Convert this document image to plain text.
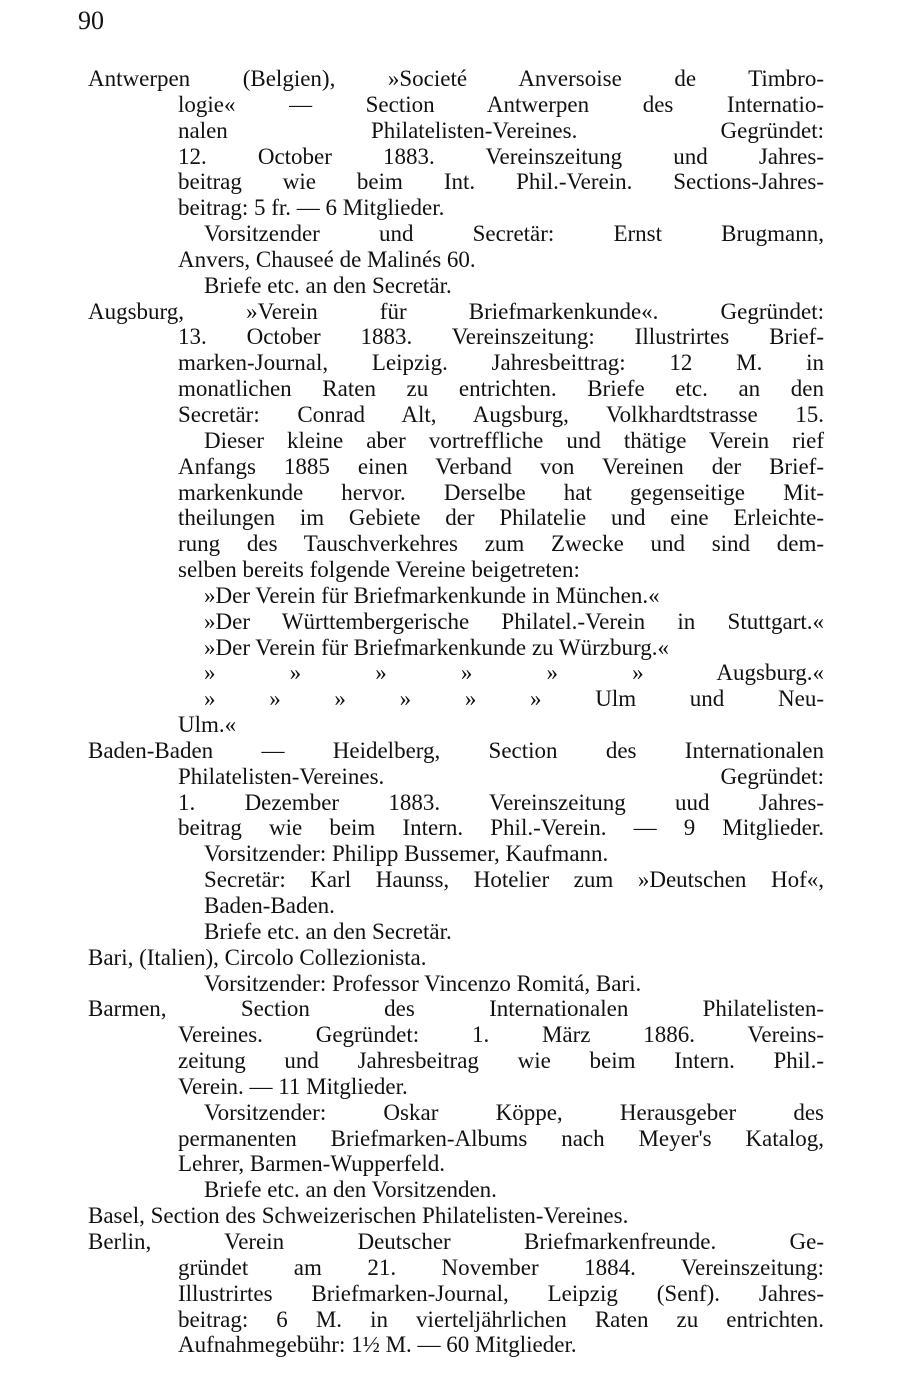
90
Antwerpen (Belgien), »Societé Anversoise de Timbro-
logie« — Section Antwerpen des Internatio-
nalen Philatelisten-Vereines. Gegründet:
12. October 1883. Vereinszeitung und Jahres-
beitrag wie beim Int. Phil.-Verein. Sections-Jahres-
beitrag: 5 fr. — 6 Mitglieder.
Vorsitzender und Secretär: Ernst Brugmann,
Anvers, Chauseé de Malinés 60.
Briefe etc. an den Secretär.
Augsburg, »Verein für Briefmarkenkunde«. Gegründet:
13. October 1883. Vereinszeitung: Illustrirtes Brief-
marken-Journal, Leipzig. Jahresbeittrag: 12 M. in
monatlichen Raten zu entrichten. Briefe etc. an den
Secretär: Conrad Alt, Augsburg, Volkhardtstrasse 15.
Dieser kleine aber vortreffliche und thätige Verein rief
Anfangs 1885 einen Verband von Vereinen der Brief-
markenkunde hervor. Derselbe hat gegenseitige Mit-
theilungen im Gebiete der Philatelie und eine Erleichte-
rung des Tauschverkehres zum Zwecke und sind dem-
selben bereits folgende Vereine beigetreten:
»Der Verein für Briefmarkenkunde in München.«
»Der Württembergerische Philatel.-Verein in Stuttgart.«
»Der Verein für Briefmarkenkunde zu Würzburg.«
» » » » » » Augsburg.«
» » » » » » Ulm und Neu-
Ulm.«
Baden-Baden — Heidelberg, Section des Internationalen
Philatelisten-Vereines. Gegründet:
1. Dezember 1883. Vereinszeitung uud Jahres-
beitrag wie beim Intern. Phil.-Verein. — 9 Mitglieder.
Vorsitzender: Philipp Bussemer, Kaufmann.
Secretär: Karl Haunss, Hotelier zum »Deutschen Hof«,
Baden-Baden.
Briefe etc. an den Secretär.
Bari, (Italien), Circolo Collezionista.
Vorsitzender: Professor Vincenzo Romitá, Bari.
Barmen, Section des Internationalen Philatelisten-
Vereines. Gegründet: 1. März 1886. Vereins-
zeitung und Jahresbeitrag wie beim Intern. Phil.-
Verein. — 11 Mitglieder.
Vorsitzender: Oskar Köppe, Herausgeber des
permanenten Briefmarken-Albums nach Meyer's Katalog,
Lehrer, Barmen-Wupperfeld.
Briefe etc. an den Vorsitzenden.
Basel, Section des Schweizerischen Philatelisten-Vereines.
Berlin, Verein Deutscher Briefmarkenfreunde. Ge-
gründet am 21. November 1884. Vereinszeitung:
Illustrirtes Briefmarken-Journal, Leipzig (Senf). Jahres-
beitrag: 6 M. in vierteljährlichen Raten zu entrichten.
Aufnahmegebühr: 1½ M. — 60 Mitglieder.
